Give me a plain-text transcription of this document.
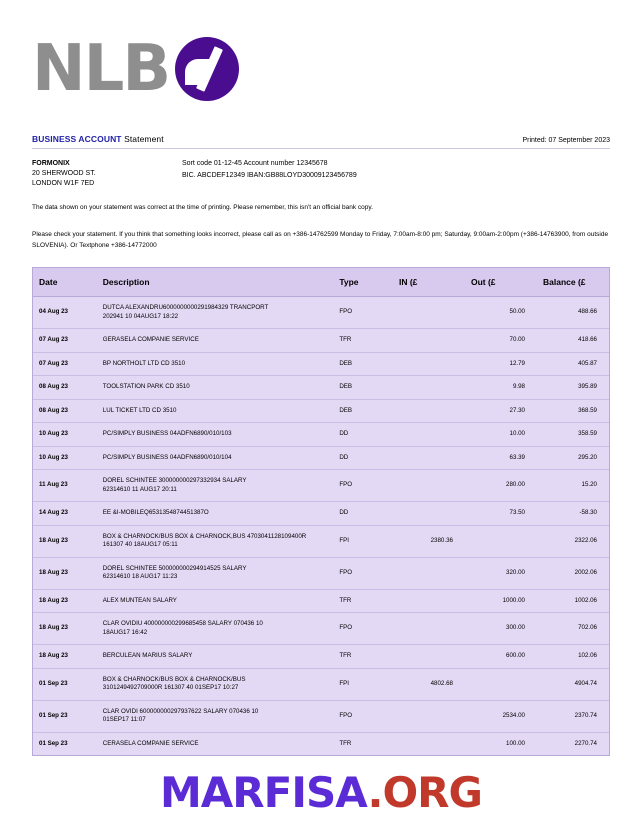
NLB
BUSINESS ACCOUNT Statement	Printed: 07 September 2023
FORMONIX
20 SHERWOOD ST.
LONDON W1F 7ED
Sort code 01-12-45 Account number 12345678
BIC. ABCDEF12349 IBAN:GB88LOYD30009123456789
The data shown on your statement was correct at the time of printing. Please remember, this isn't an official bank copy.
Please check your statement. If you think that something looks incorrect, please call as on +386-14762599 Monday to Friday, 7:00am-8:00 pm; Saturday, 9:00am-2:00pm (+386-14763900, from outside SLOVENIA). Or Textphone +386-14772000
Date	Description	Type	IN (£	Out (£	Balance (£
04 Aug 23	DUTCA ALEXANDRU6000000000291984329 TRANCPORT
202941 10 04AUG17 18:22	FPO		50.00	488.66
07 Aug 23	GERASELA COMPANIE SERVICE	TFR		70.00	418.66
07 Aug 23	BP NORTHOLT LTD CD 3510	DEB		12.79	405.87
08 Aug 23	TOOLSTATION PARK CD 3510	DEB		9.98	395.89
08 Aug 23	LUL TICKET LTD CD 3510	DEB		27.30	368.59
10 Aug 23	PC/SIMPLY BUSINESS 04ADFN6890/010/103	DD		10.00	358.59
10 Aug 23	PC/SIMPLY BUSINESS 04ADFN6890/010/104	DD		63.39	295.20
11 Aug 23	DOREL SCHINTEE 300000000297332934 SALARY
62314610 11 AUG17 20:11	FPO		280.00	15.20
14 Aug 23	EE &I-MOBILEQ6531354874451387O	DD		73.50	-58.30
18 Aug 23	BOX & CHARNOCK/BUS BOX & CHARNOCK,BUS 4703041128109400R
161307 40 18AUG17 05:11	FPI	2380.36		2322.06
18 Aug 23	DOREL SCHINTEE 500000000294914525 SALARY
62314610 18 AUG17 11:23	FPO		320.00	2002.06
18 Aug 23	ALEX MUNTEAN SALARY	TFR		1000.00	1002.06
18 Aug 23	CLAR OVIDIU 400000000299685458 SALARY 070436 10
18AUG17 16:42	FPO		300.00	702.06
18 Aug 23	BERCULEAN MARIUS SALARY	TFR		600.00	102.06
01 Sep 23	BOX & CHARNOCK/BUS BOX & CHARNOCK/BUS
3101249492709000R 161307 40 01SEP17 10:27	FPI	4802.68		4904.74
01 Sep 23	CLAR OVIDI 600000000297937622 SALARY 070436 10
01SEP17 11:07	FPO		2534.00	2370.74
01 Sep 23	CERASELA COMPANIE SERVICE	TFR		100.00	2270.74
MARFISA.ORG
